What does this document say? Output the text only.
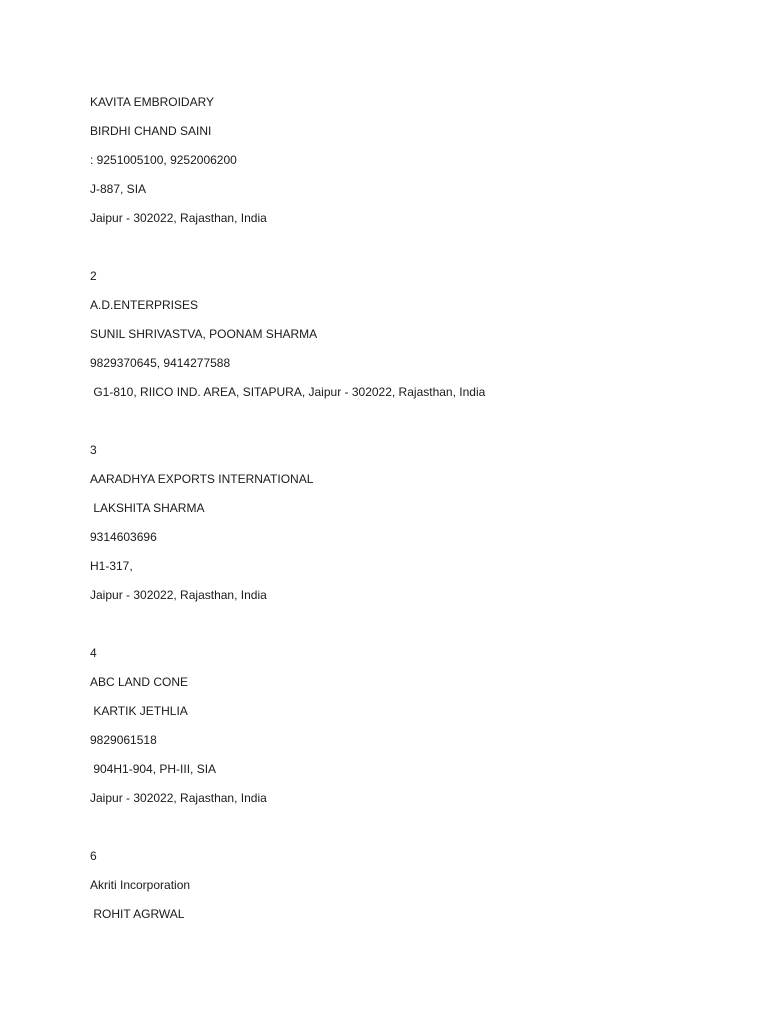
KAVITA EMBROIDARY
BIRDHI CHAND SAINI
: 9251005100, 9252006200
J-887, SIA
Jaipur - 302022, Rajasthan, India
2
A.D.ENTERPRISES
SUNIL SHRIVASTVA, POONAM SHARMA
9829370645, 9414277588
G1-810, RIICO IND. AREA, SITAPURA, Jaipur - 302022, Rajasthan, India
3
AARADHYA EXPORTS INTERNATIONAL
LAKSHITA SHARMA
9314603696
H1-317,
Jaipur - 302022, Rajasthan, India
4
ABC LAND CONE
KARTIK JETHLIA
9829061518
904H1-904, PH-III, SIA
Jaipur - 302022, Rajasthan, India
6
Akriti Incorporation
ROHIT AGRWAL
